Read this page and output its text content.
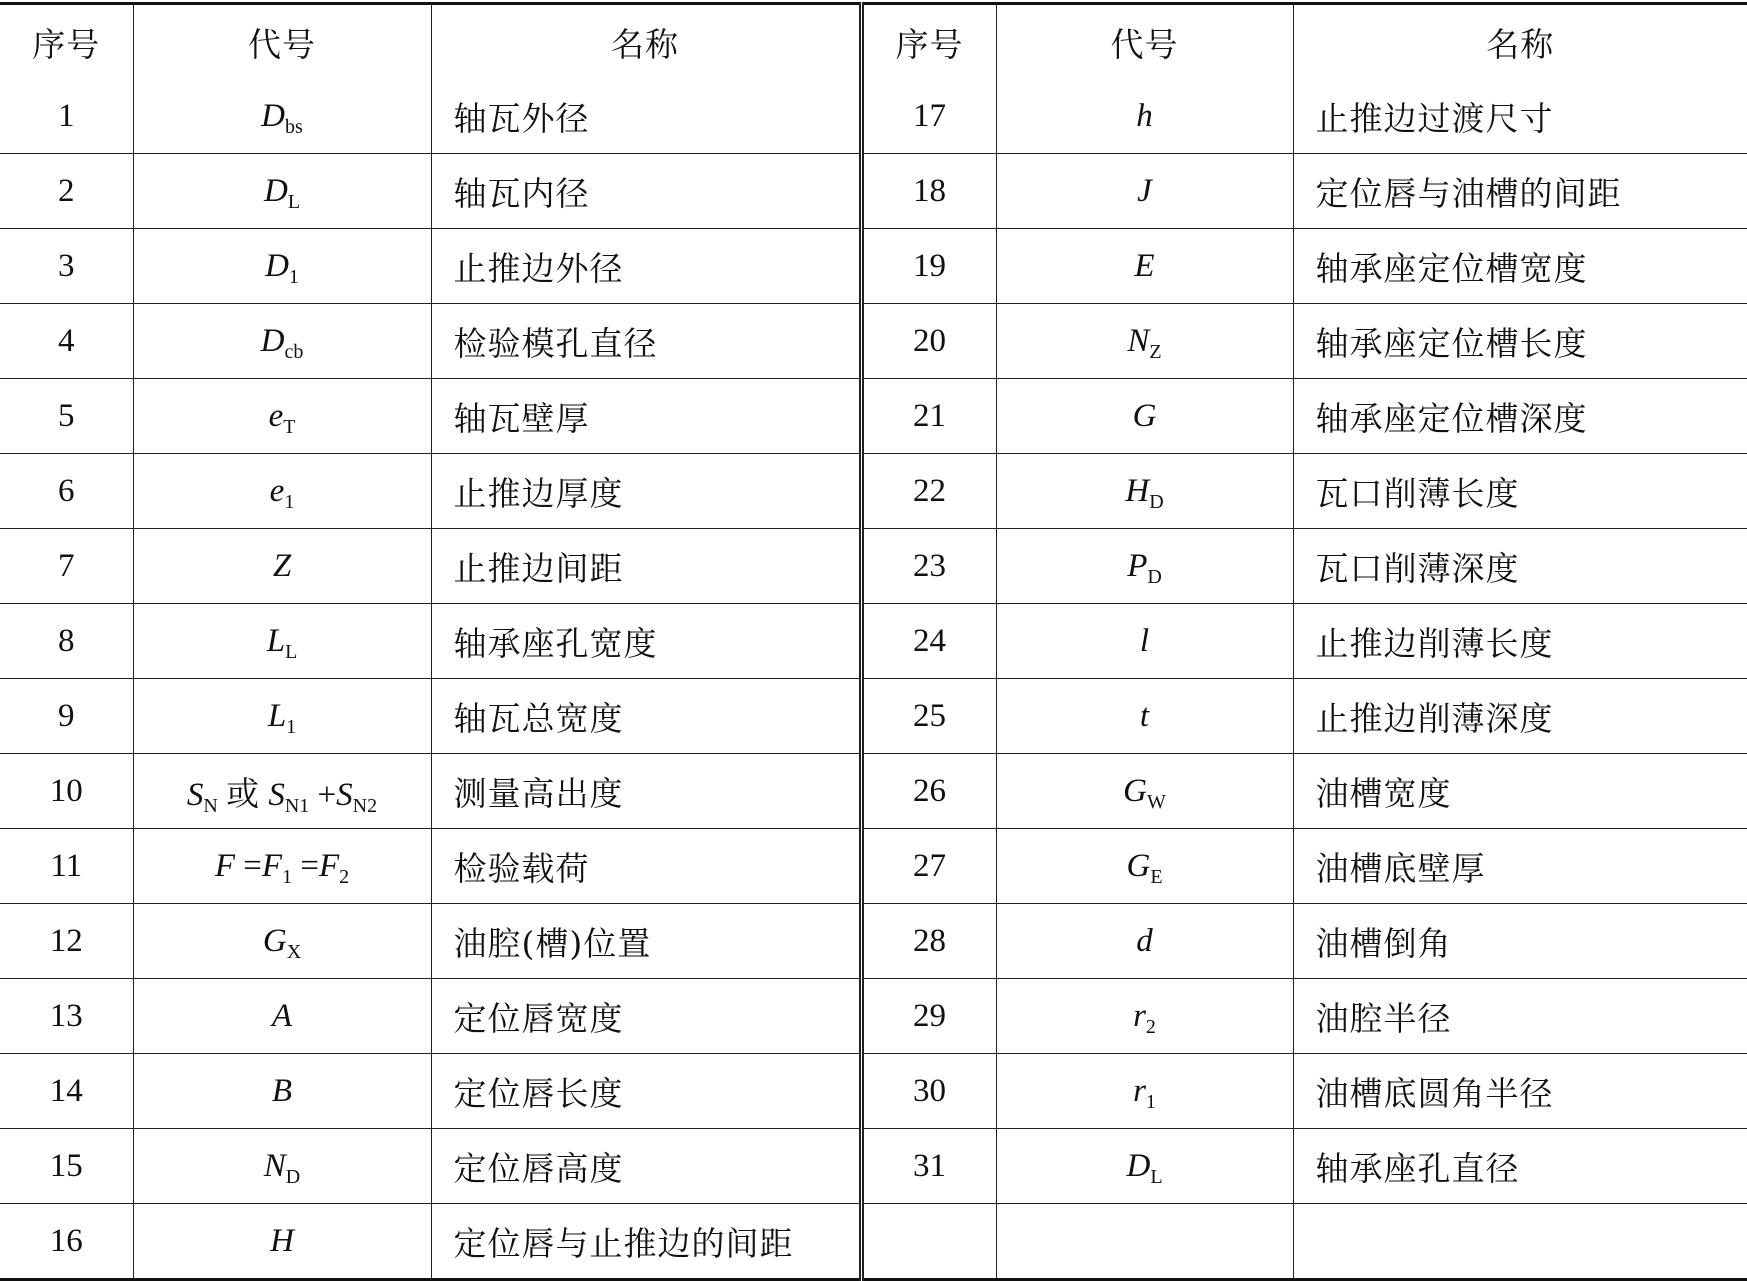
序号	代号	名称	序号	代号	名称
1	$D_{bs}$	轴瓦外径	17	h	止推边过渡尺寸
2	$D_L$	轴瓦内径	18	J	定位唇与油槽的间距
3	$D_1$	止推边外径	19	E	轴承座定位槽宽度
4	$D_{cb}$	检验模孔直径	20	$N_Z$	轴承座定位槽长度
5	$e_T$	轴瓦壁厚	21	G	轴承座定位槽深度
6	$e_1$	止推边厚度	22	$H_D$	瓦口削薄长度
7	Z	止推边间距	23	$P_D$	瓦口削薄深度
8	$L_L$	轴承座孔宽度	24	l	止推边削薄长度
9	$L_1$	轴瓦总宽度	25	t	止推边削薄深度
10	$S_N$ 或 $S_{N1} +S_{N2}$	测量高出度	26	$G_W$	油槽宽度
11	$F =F_1 =F_2$	检验载荷	27	$G_E$	油槽底壁厚
12	$G_X$	油腔(槽)位置	28	d	油槽倒角
13	A	定位唇宽度	29	$r_2$	油腔半径
14	B	定位唇长度	30	$r_1$	油槽底圆角半径
15	$N_D$	定位唇高度	31	$D_L$	轴承座孔直径
16	H	定位唇与止推边的间距			
